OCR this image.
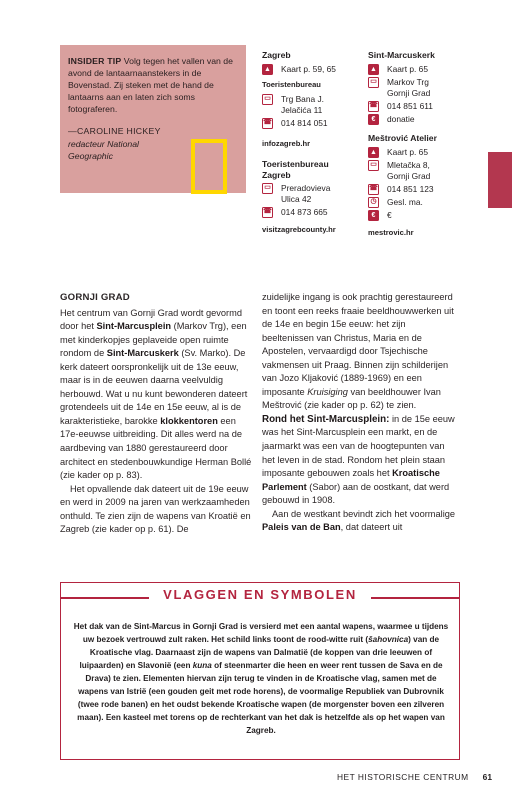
INSIDER TIP Volg tegen het vallen van de avond de lantaarnaanstekers in de Bovenstad. Zij steken met de hand de lantaarns aan en laten zich soms fotograferen.

—CAROLINE HICKEY

redacteur National

Geographic

Zagreb
▲ Kaart p. 59, 65
Toeristenbureau
▭ Trg Bana J.
Jelačića 11
☎ 014 814 051
infozagreb.hr
Toeristenbureau
Zagreb
▭ Preradovieva
Ulica 42
☎ 014 873 665
visitzagrebcounty.hr
Sint-Marcuskerk
▲ Kaart p. 65
▭ Markov Trg
Gornji Grad
☎ 014 851 611
€	donatie
Meštrović Atelier
▲ Kaart p. 65
▭ Mletačka 8,
Gornji Grad
☎ 014 851 123
◷ Gesl. ma.
€	€
mestrovic.hr

GORNJI GRAD

Het centrum van Gornji Grad wordt gevormd door het Sint-Marcusplein (Markov Trg), een met kinderkopjes geplaveide open ruimte rondom de Sint-Marcuskerk (Sv. Marko). De kerk dateert oorspronkelijk uit de 13e eeuw, maar is in de eeuwen daarna veelvuldig herbouwd. Wat u nu kunt bewonderen dateert grotendeels uit de 14e en 15e eeuw, al is de karakteristieke, barokke klokkentoren een 17e-eeuwse uitbreiding. Dit alles werd na de aardbeving van 1880 gerestaureerd door architect en stedenbouwkundige Herman Bollé (zie kader op p. 83).

Het opvallende dak dateert uit de 19e eeuw en werd in 2009 na jaren van werkzaamheden onthuld. Te zien zijn de wapens van Kroatië en Zagreb (zie kader op p. 61). De

zuidelijke ingang is ook prachtig gerestaureerd en toont een reeks fraaie beeldhouwwerken uit de 14e en begin 15e eeuw: het zijn beeltenissen van Christus, Maria en de Apostelen, vervaardigd door Tsjechische vakmensen uit Praag. Binnen zijn schilderijen van Jozo Kljaković (1889-1969) en een imposante Kruisiging van beeldhouwer Ivan Meštrović (zie kader op p. 62) te zien.

Rond het Sint-Marcusplein: in de 15e eeuw was het Sint-Marcusplein een markt, en de jaarmarkt was een van de hoogtepunten van het leven in de stad. Rondom het plein staan imposante gebouwen zoals het Kroatische Parlement (Sabor) aan de oostkant, dat werd gebouwd in 1908.

Aan de westkant bevindt zich het voormalige Paleis van de Ban, dat dateert uit

VLAGGEN EN SYMBOLEN

Het dak van de Sint-Marcus in Gornji Grad is versierd met een aantal wapens, waarmee u tijdens uw bezoek vertrouwd zult raken. Het schild links toont de rood-witte ruit (šahovnica) van de Kroatische vlag. Daarnaast zijn de wapens van Dalmatië (de koppen van drie leeuwen of luipaarden) en Slavonië (een kuna of steenmarter die heen en weer rent tussen de Sava en de Drava) te zien. Elementen hiervan zijn terug te vinden in de Kroatische vlag, samen met de wapens van Istrië (een gouden geit met rode horens), de voormalige Republiek van Dubrovnik (twee rode banen) en het oudst bekende Kroatische wapen (de morgenster boven een zilveren maan). Een kasteel met torens op de rechterkant van het dak is hetzelfde als op het wapen van Zagreb.

HET HISTORISCHE CENTRUM 61
